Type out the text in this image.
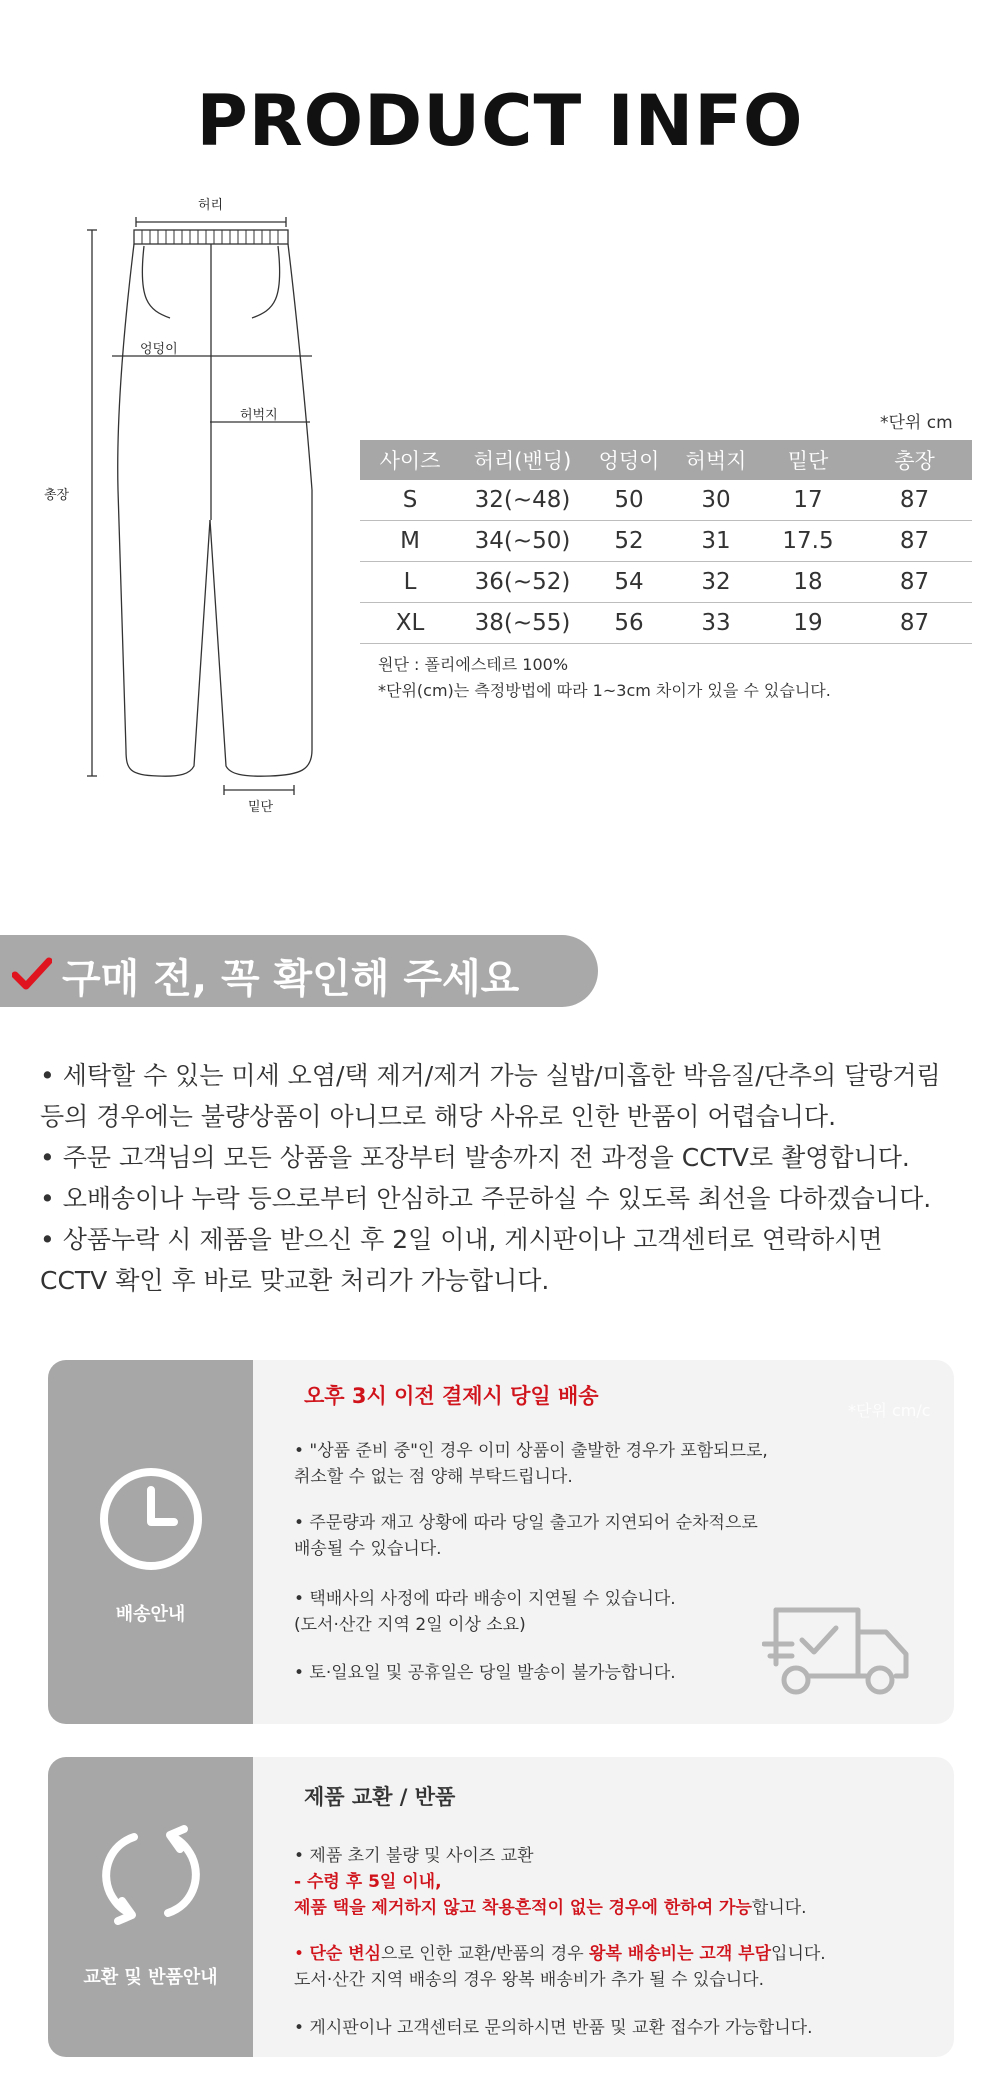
PRODUCT INFO
허리
엉덩이
허벅지
총장
밑단
*단위 cm
사이즈	허리(밴딩)	엉덩이	허벅지	밑단	총장
S	32(~48)	50	30	17	87
M	34(~50)	52	31	17.5	87
L	36(~52)	54	32	18	87
XL	38(~55)	56	33	19	87
원단 : 폴리에스테르 100%
*단위(cm)는 측정방법에 따라 1~3cm 차이가 있을 수 있습니다.
구매 전, 꼭 확인해 주세요
• 세탁할 수 있는 미세 오염/택 제거/제거 가능 실밥/미흡한 박음질/단추의 달랑거림
등의 경우에는 불량상품이 아니므로 해당 사유로 인한 반품이 어렵습니다.
• 주문 고객님의 모든 상품을 포장부터 발송까지 전 과정을 CCTV로 촬영합니다.
• 오배송이나 누락 등으로부터 안심하고 주문하실 수 있도록 최선을 다하겠습니다.
• 상품누락 시 제품을 받으신 후 2일 이내, 게시판이나 고객센터로 연락하시면
CCTV 확인 후 바로 맞교환 처리가 가능합니다.
배송안내
오후 3시 이전 결제시 당일 배송
*단위 cm/c
• "상품 준비 중"인 경우 이미 상품이 출발한 경우가 포함되므로,
취소할 수 없는 점 양해 부탁드립니다.
• 주문량과 재고 상황에 따라 당일 출고가 지연되어 순차적으로
배송될 수 있습니다.
• 택배사의 사정에 따라 배송이 지연될 수 있습니다.
(도서·산간 지역 2일 이상 소요)
• 토·일요일 및 공휴일은 당일 발송이 불가능합니다.
교환 및 반품안내
제품 교환 / 반품
• 제품 초기 불량 및 사이즈 교환
- 수령 후 5일 이내,
제품 택을 제거하지 않고 착용흔적이 없는 경우에 한하여 가능합니다.
• 단순 변심으로 인한 교환/반품의 경우 왕복 배송비는 고객 부담입니다.
도서·산간 지역 배송의 경우 왕복 배송비가 추가 될 수 있습니다.
• 게시판이나 고객센터로 문의하시면 반품 및 교환 접수가 가능합니다.
